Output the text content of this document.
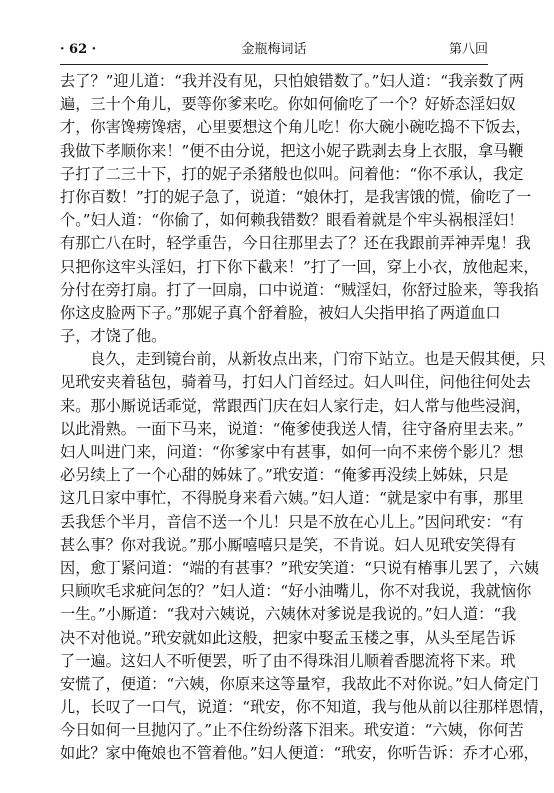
· 62 ·	金瓶梅词话	第八回
去了？”迎儿道：“我并没有见，只怕娘错数了。”妇人道：“我亲数了两
遍，三十个角儿，要等你爹来吃。你如何偷吃了一个？好娇态淫妇奴
才，你害馋痨馋痞，心里要想这个角儿吃！你大碗小碗吃捣不下饭去，
我做下孝顺你来！”便不由分说，把这小妮子跣剥去身上衣服，拿马鞭
子打了二三十下，打的妮子杀猪般也似叫。问着他：“你不承认，我定
打你百数！”打的妮子急了，说道：“娘休打，是我害饿的慌，偷吃了一
个。”妇人道：“你偷了，如何赖我错数？眼看着就是个牢头祸根淫妇！
有那亡八在时，轻学重告，今日往那里去了？还在我跟前弄神弄鬼！我
只把你这牢头淫妇，打下你下截来！”打了一回，穿上小衣，放他起来，
分付在旁打扇。打了一回扇，口中说道：“贼淫妇，你舒过脸来，等我掐
你这皮脸两下子。”那妮子真个舒着脸，被妇人尖指甲掐了两道血口
子，才饶了他。
良久，走到镜台前，从新妆点出来，门帘下站立。也是天假其便，只
见玳安夹着毡包，骑着马，打妇人门首经过。妇人叫住，问他往何处去
来。那小厮说话乖觉，常跟西门庆在妇人家行走，妇人常与他些浸润，
以此滑熟。一面下马来，说道：“俺爹使我送人情，往守备府里去来。”
妇人叫进门来，问道：“你爹家中有甚事，如何一向不来傍个影儿？想
必另续上了一个心甜的姊妹了。”玳安道：“俺爹再没续上姊妹，只是
这几日家中事忙，不得脱身来看六姨。”妇人道：“就是家中有事，那里
丢我恁个半月，音信不送一个儿！只是不放在心儿上。”因问玳安：“有
甚么事？你对我说。”那小厮嘻嘻只是笑，不肯说。妇人见玳安笑得有
因，愈丁紧问道：“端的有甚事？”玳安笑道：“只说有椿事儿罢了，六姨
只顾吹毛求疵问怎的？”妇人道：“好小油嘴儿，你不对我说，我就恼你
一生。”小厮道：“我对六姨说，六姨休对爹说是我说的。”妇人道：“我
决不对他说。”玳安就如此这般，把家中娶孟玉楼之事，从头至尾告诉
了一遍。这妇人不听便罢，听了由不得珠泪儿顺着香腮流将下来。玳
安慌了，便道：“六姨，你原来这等量窄，我故此不对你说。”妇人倚定门
儿，长叹了一口气，说道：“玳安，你不知道，我与他从前以往那样恩情，
今日如何一旦抛闪了。”止不住纷纷落下泪来。玳安道：“六姨，你何苦
如此？家中俺娘也不管着他。”妇人便道：“玳安，你听告诉：乔才心邪，
